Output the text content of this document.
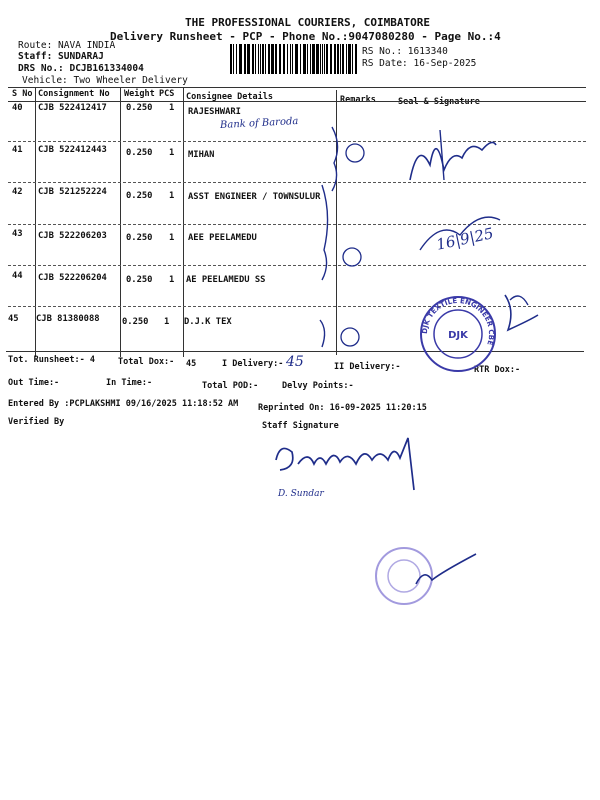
THE PROFESSIONAL COURIERS, COIMBATORE
Delivery Runsheet - PCP - Phone No.:9047080280 - Page No.:4
Route: NAVA INDIA
Staff: SUNDARAJ
DRS No.: DCJB161334004
Vehicle: Two Wheeler Delivery
RS No.: 1613340
RS Date: 16-Sep-2025
S No Consignment No Weight PCS Consignee Details	Remarks	Seal & Signature
40 CJB 522412417 0.250 1 RAJESHWARI
41 CJB 522412443 0.250 1 MIHAN
42 CJB 521252224 0.250 1 ASST ENGINEER / TOWNSULUR
43 CJB 522206203 0.250 1 AEE PEELAMEDU
44 CJB 522206204 0.250 1 AE PEELAMEDU SS
45 CJB 81380088	0.250 1 D.J.K TEX
Tot. Runsheet:- 4	Total Dox:- 45	I Delivery:-	II Delivery:-	RTR Dox:-
Out Time:-	In Time:-	Total POD:-	Delvy Points:-
Entered By :PCPLAKSHMI 09/16/2025 11:18:52 AM Reprinted On: 16-09-2025 11:20:15
Verified By	Staff Signature
Bank of Baroda
45
16|9|25
DJK TEXTILE ENGINEER CBE
DJK
D. Sundar
